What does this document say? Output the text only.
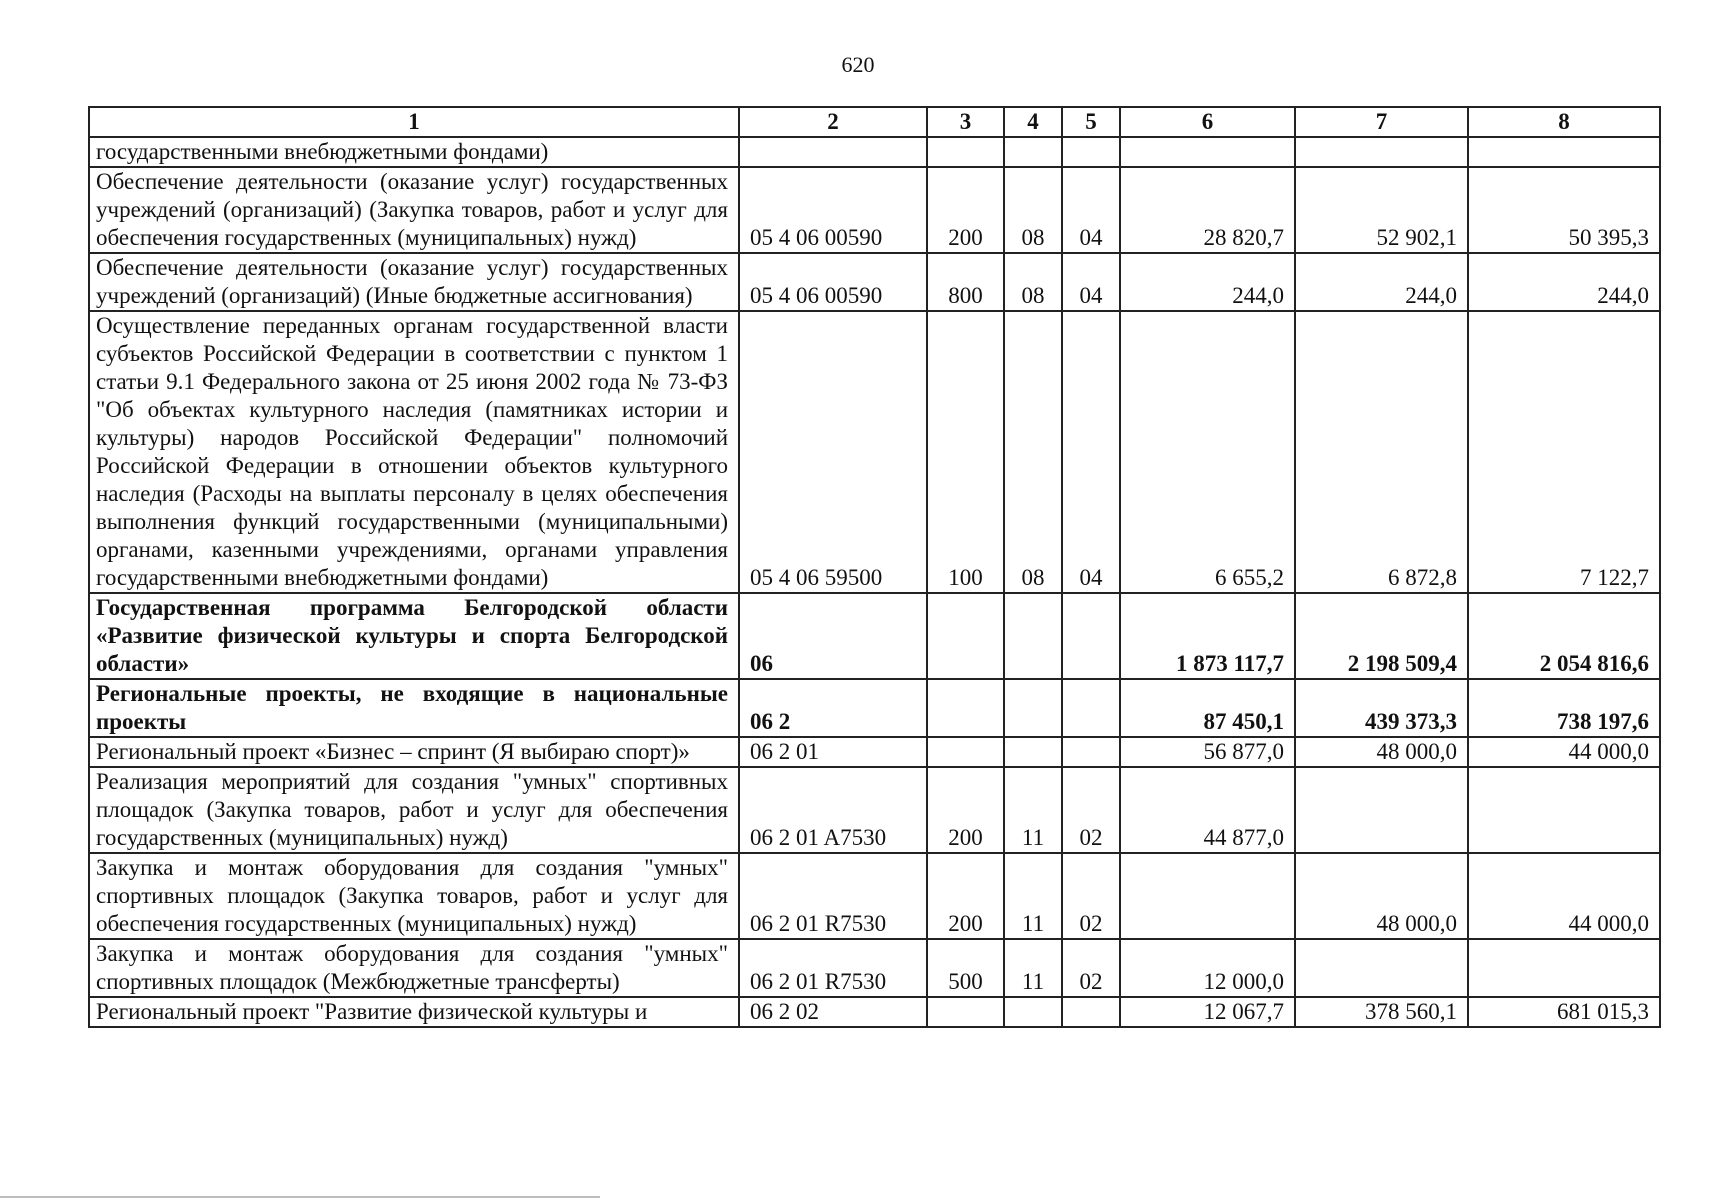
620
1	2	3	4	5	6	7	8
государственными внебюджетными фондами)							
Обеспечение деятельности (оказание услуг) государственных учреждений (организаций) (Закупка товаров, работ и услуг для обеспечения государственных (муниципальных) нужд)	05 4 06 00590	200	08	04	28 820,7	52 902,1	50 395,3
Обеспечение деятельности (оказание услуг) государственных учреждений (организаций) (Иные бюджетные ассигнования)	05 4 06 00590	800	08	04	244,0	244,0	244,0
Осуществление переданных органам государственной власти субъектов Российской Федерации в соответствии с пунктом 1 статьи 9.1 Федерального закона от 25 июня 2002 года № 73-ФЗ "Об объектах культурного наследия (памятниках истории и культуры) народов Российской Федерации" полномочий Российской Федерации в отношении объектов культурного наследия (Расходы на выплаты персоналу в целях обеспечения выполнения функций государственными (муниципальными) органами, казенными учреждениями, органами управления государственными внебюджетными фондами)	05 4 06 59500	100	08	04	6 655,2	6 872,8	7 122,7
Государственная программа Белгородской области «Развитие физической культуры и спорта Белгородской области»	06				1 873 117,7	2 198 509,4	2 054 816,6
Региональные проекты, не входящие в национальные проекты	06 2				87 450,1	439 373,3	738 197,6
Региональный проект «Бизнес – спринт (Я выбираю спорт)»	06 2 01				56 877,0	48 000,0	44 000,0
Реализация мероприятий для создания "умных" спортивных площадок (Закупка товаров, работ и услуг для обеспечения государственных (муниципальных) нужд)	06 2 01 A7530	200	11	02	44 877,0		
Закупка и монтаж оборудования для создания "умных" спортивных площадок (Закупка товаров, работ и услуг для обеспечения государственных (муниципальных) нужд)	06 2 01 R7530	200	11	02		48 000,0	44 000,0
Закупка и монтаж оборудования для создания "умных" спортивных площадок (Межбюджетные трансферты)	06 2 01 R7530	500	11	02	12 000,0		
Региональный проект "Развитие физической культуры и	06 2 02				12 067,7	378 560,1	681 015,3
